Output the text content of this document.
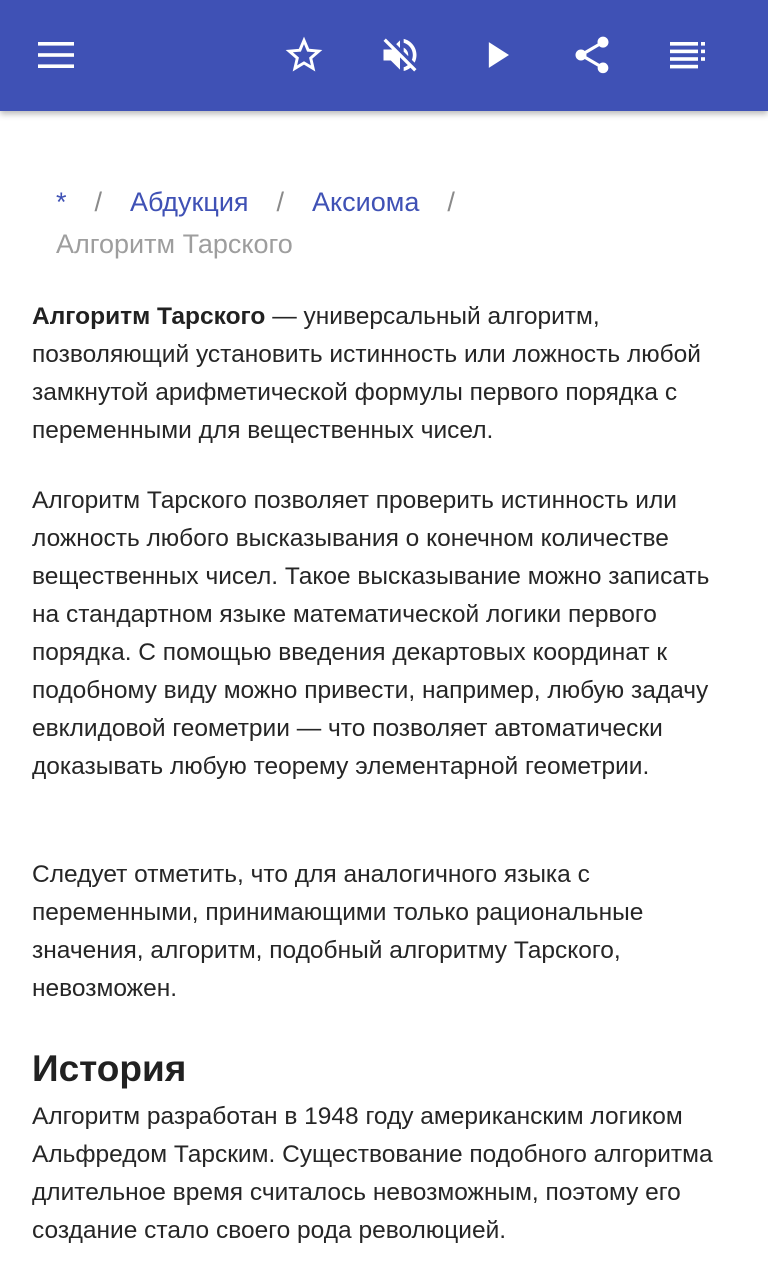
* / Абдукция / Аксиома /
Алгоритм Тарского

Алгоритм Тарского — универсальный алгоритм, позволяющий установить истинность или ложность любой замкнутой арифметической формулы первого порядка с переменными для вещественных чисел.

Алгоритм Тарского позволяет проверить истинность или ложность любого высказывания о конечном количестве вещественных чисел. Такое высказывание можно записать на стандартном языке математической логики первого порядка. С помощью введения декартовых координат к подобному виду можно привести, например, любую задачу евклидовой геометрии — что позволяет автоматически доказывать любую теорему элементарной геометрии.

Следует отметить, что для аналогичного языка с переменными, принимающими только рациональные значения, алгоритм, подобный алгоритму Тарского, невозможен.

История

Алгоритм разработан в 1948 году американским логиком Альфредом Тарским. Существование подобного алгоритма длительное время считалось невозможным, поэтому его создание стало своего рода революцией.
